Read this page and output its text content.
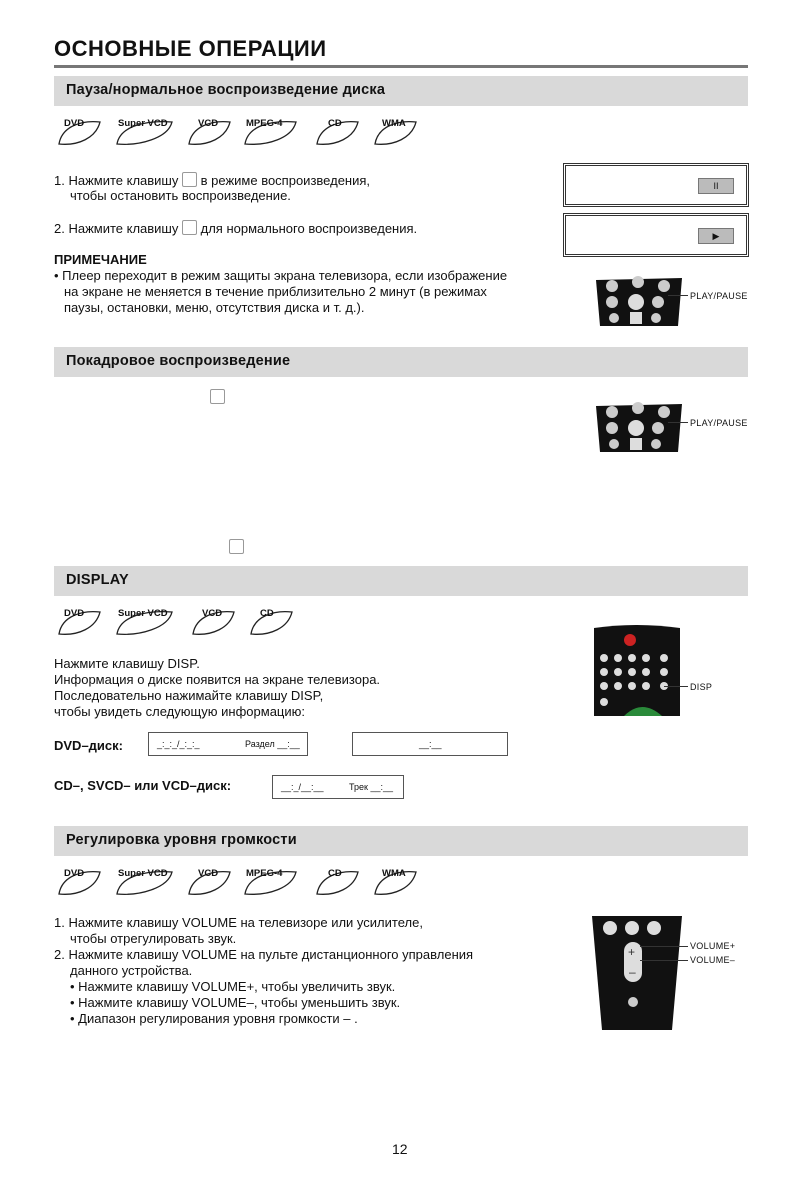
ОСНОВНЫЕ ОПЕРАЦИИ
Пауза/нормальное воспроизведение диска
DVD	Super VCD	VCD	MPEG-4	CD	WMA
1. Нажмите клавишу в режиме воспроизведения,
чтобы остановить воспроизведение.
2. Нажмите клавишу для нормального воспроизведения.
ПРИМЕЧАНИЕ
• Плеер переходит в режим защиты экрана телевизора, если изображение
на экране не меняется в течение приблизительно 2 минут (в режимах
паузы, остановки, меню, отсутствия диска и т. д.).
II
▶
PLAY/PAUSE
Покадровое воспроизведение

PLAY/PAUSE
DISPLAY
DVD	Super VCD	VCD	CD
Нажмите клавишу DISP.
Информация о диске появится на экране телевизора.
Последовательно нажимайте клавишу DISP,
чтобы увидеть следующую информацию:
DVD–диск:	_:_:_/_:_:_	Раздел __:__	__:__
CD–, SVCD– или VCD–диск:	__:_/__:__	Трек __:__
DISP
Регулировка уровня громкости
DVD	Super VCD	VCD	MPEG-4	CD	WMA
1. Нажмите клавишу VOLUME на телевизоре или усилителе,
чтобы отрегулировать звук.
2. Нажмите клавишу VOLUME на пульте дистанционного управления
данного устройства.
• Нажмите клавишу VOLUME+, чтобы увеличить звук.
• Нажмите клавишу VOLUME–, чтобы уменьшить звук.
• Диапазон регулирования уровня громкости – .
+
–
VOLUME+
VOLUME–
12
